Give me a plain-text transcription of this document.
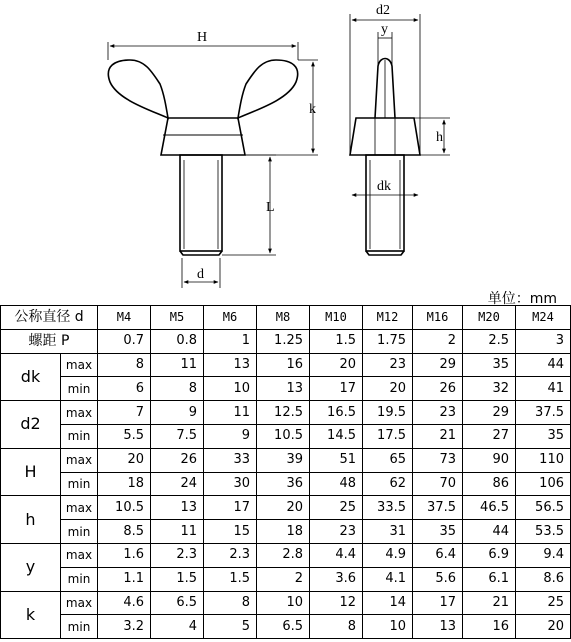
H
k
L
d
d2
y
h
dk
单位：mm
公称直径 d		M4	M5	M6	M8	M10	M12	M16	M20	M24
螺距 P		0.7	0.8	1	1.25	1.5	1.75	2	2.5	3
dk	max	8	11	13	16	20	23	29	35	44
	min	6	8	10	13	17	20	26	32	41
d2	max	7	9	11	12.5	16.5	19.5	23	29	37.5
	min	5.5	7.5	9	10.5	14.5	17.5	21	27	35
H	max	20	26	33	39	51	65	73	90	110
	min	18	24	30	36	48	62	70	86	106
h	max	10.5	13	17	20	25	33.5	37.5	46.5	56.5
	min	8.5	11	15	18	23	31	35	44	53.5
y	max	1.6	2.3	2.3	2.8	4.4	4.9	6.4	6.9	9.4
	min	1.1	1.5	1.5	2	3.6	4.1	5.6	6.1	8.6
k	max	4.6	6.5	8	10	12	14	17	21	25
	min	3.2	4	5	6.5	8	10	13	16	20
